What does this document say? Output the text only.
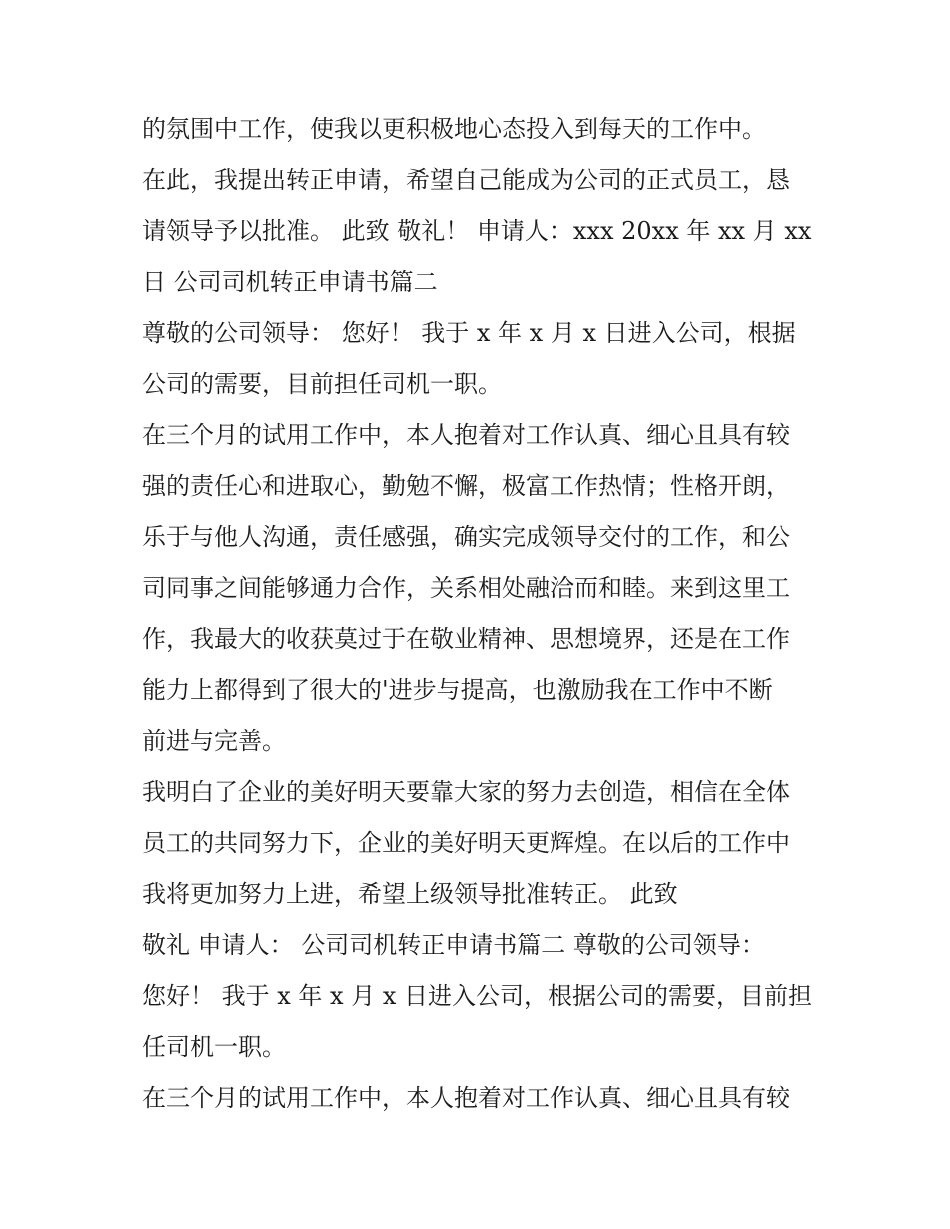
的氛围中工作，使我以更积极地心态投入到每天的工作中。

在此，我提出转正申请，希望自己能成为公司的正式员工，恳

请领导予以批准。 此致 敬礼！ 申请人：xxx 20xx 年 xx 月 xx

日 公司司机转正申请书篇二

尊敬的公司领导： 您好！ 我于 x 年 x 月 x 日进入公司，根据

公司的需要，目前担任司机一职。

在三个月的试用工作中，本人抱着对工作认真、细心且具有较

强的责任心和进取心，勤勉不懈，极富工作热情；性格开朗，

乐于与他人沟通，责任感强，确实完成领导交付的工作，和公

司同事之间能够通力合作，关系相处融洽而和睦。来到这里工

作，我最大的收获莫过于在敬业精神、思想境界，还是在工作

能力上都得到了很大的'进步与提高，也激励我在工作中不断

前进与完善。

我明白了企业的美好明天要靠大家的努力去创造，相信在全体

员工的共同努力下，企业的美好明天更辉煌。在以后的工作中

我将更加努力上进，希望上级领导批准转正。 此致

敬礼 申请人： 公司司机转正申请书篇二 尊敬的公司领导：

您好！ 我于 x 年 x 月 x 日进入公司，根据公司的需要，目前担

任司机一职。

在三个月的试用工作中，本人抱着对工作认真、细心且具有较
